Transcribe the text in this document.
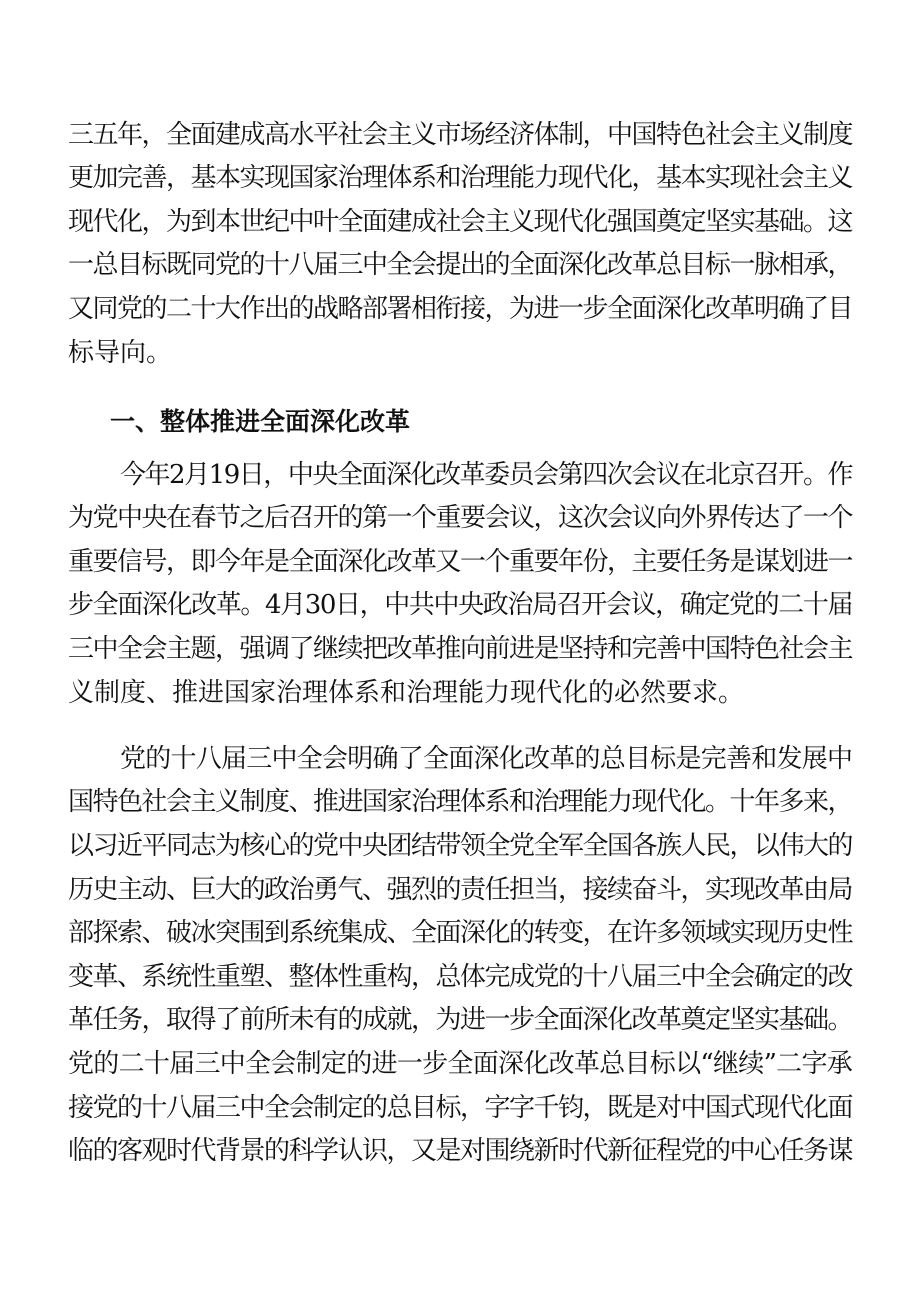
三五年，全面建成高水平社会主义市场经济体制，中国特色社会主义制度
更加完善，基本实现国家治理体系和治理能力现代化，基本实现社会主义
现代化，为到本世纪中叶全面建成社会主义现代化强国奠定坚实基础。这
一总目标既同党的十八届三中全会提出的全面深化改革总目标一脉相承，
又同党的二十大作出的战略部署相衔接，为进一步全面深化改革明确了目
标导向。
一、整体推进全面深化改革
今年2月19日，中央全面深化改革委员会第四次会议在北京召开。作
为党中央在春节之后召开的第一个重要会议，这次会议向外界传达了一个
重要信号，即今年是全面深化改革又一个重要年份，主要任务是谋划进一
步全面深化改革。4月30日，中共中央政治局召开会议，确定党的二十届
三中全会主题，强调了继续把改革推向前进是坚持和完善中国特色社会主
义制度、推进国家治理体系和治理能力现代化的必然要求。
党的十八届三中全会明确了全面深化改革的总目标是完善和发展中
国特色社会主义制度、推进国家治理体系和治理能力现代化。十年多来，
以习近平同志为核心的党中央团结带领全党全军全国各族人民，以伟大的
历史主动、巨大的政治勇气、强烈的责任担当，接续奋斗，实现改革由局
部探索、破冰突围到系统集成、全面深化的转变，在许多领域实现历史性
变革、系统性重塑、整体性重构，总体完成党的十八届三中全会确定的改
革任务，取得了前所未有的成就，为进一步全面深化改革奠定坚实基础。
党的二十届三中全会制定的进一步全面深化改革总目标以“继续”二字承
接党的十八届三中全会制定的总目标，字字千钧，既是对中国式现代化面
临的客观时代背景的科学认识，又是对围绕新时代新征程党的中心任务谋
